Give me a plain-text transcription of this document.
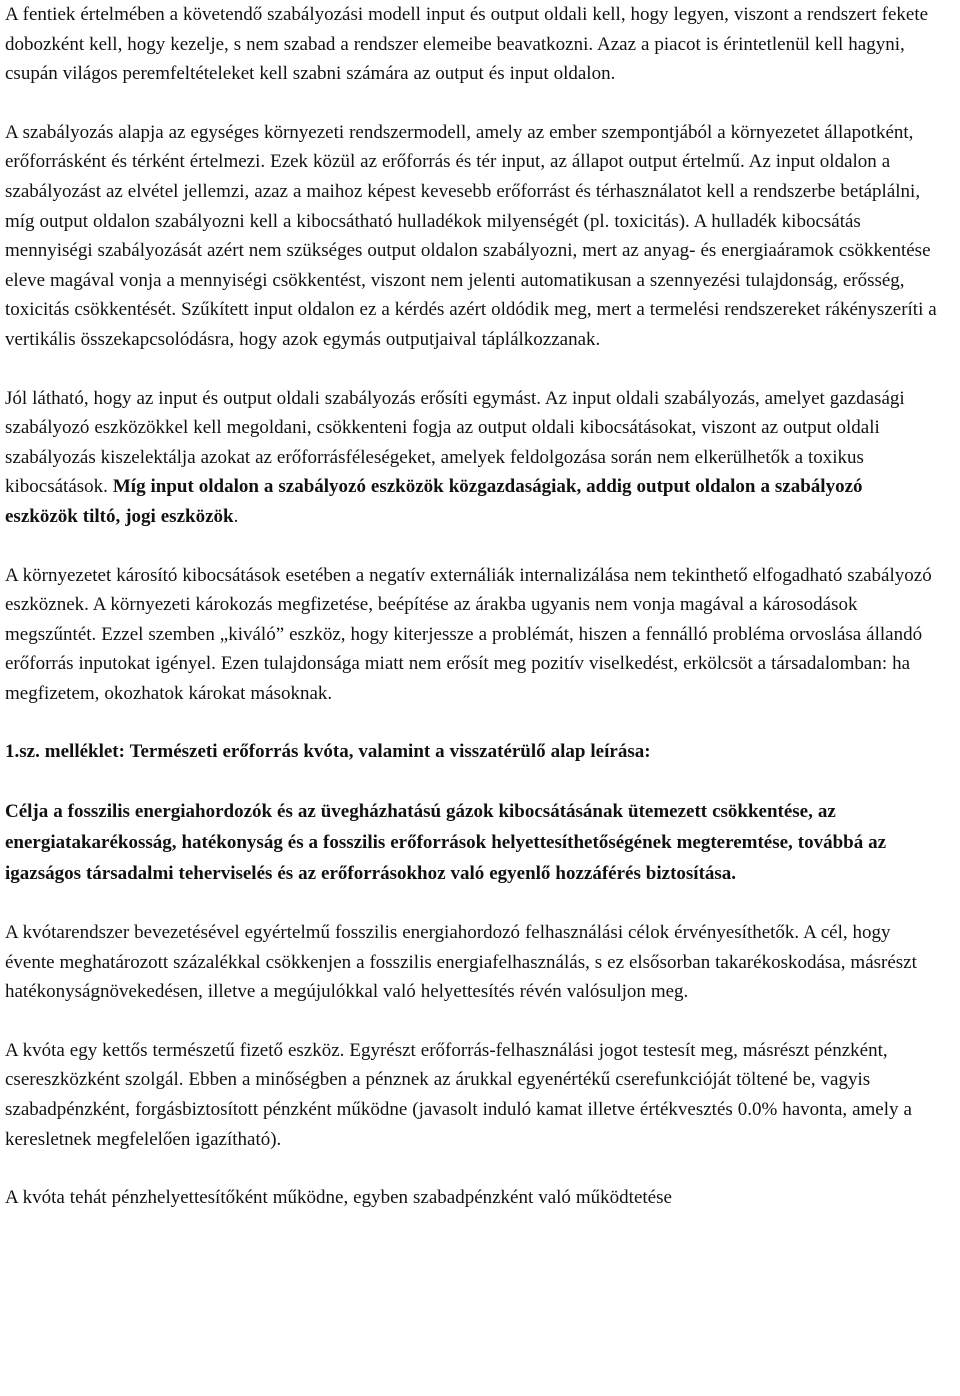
A fentiek értelmében a követendő szabályozási modell input és output oldali kell, hogy legyen, viszont a rendszert fekete dobozként kell, hogy kezelje, s nem szabad a rendszer elemeibe beavatkozni. Azaz a piacot is érintetlenül kell hagyni, csupán világos peremfeltételeket kell szabni számára az output és input oldalon.

A szabályozás alapja az egységes környezeti rendszermodell, amely az ember szempontjából a környezetet állapotként, erőforrásként és térként értelmezi. Ezek közül az erőforrás és tér input, az állapot output értelmű. Az input oldalon a szabályozást az elvétel jellemzi, azaz a maihoz képest kevesebb erőforrást és térhasználatot kell a rendszerbe betáplálni, míg output oldalon szabályozni kell a kibocsátható hulladékok milyenségét (pl. toxicitás). A hulladék kibocsátás mennyiségi szabályozását azért nem szükséges output oldalon szabályozni, mert az anyag- és energiaáramok csökkentése eleve magával vonja a mennyiségi csökkentést, viszont nem jelenti automatikusan a szennyezési tulajdonság, erősség, toxicitás csökkentését. Szűkített input oldalon ez a kérdés azért oldódik meg, mert a termelési rendszereket rákényszeríti a vertikális összekapcsolódásra, hogy azok egymás outputjaival táplálkozzanak.

Jól látható, hogy az input és output oldali szabályozás erősíti egymást. Az input oldali szabályozás, amelyet gazdasági szabályozó eszközökkel kell megoldani, csökkenteni fogja az output oldali kibocsátásokat, viszont az output oldali szabályozás kiszelektálja azokat az erőforrásféleségeket, amelyek feldolgozása során nem elkerülhetők a toxikus kibocsátások. Míg input oldalon a szabályozó eszközök közgazdaságiak, addig output oldalon a szabályozó eszközök tiltó, jogi eszközök.

A környezetet károsító kibocsátások esetében a negatív externáliák internalizálása nem tekinthető elfogadható szabályozó eszköznek. A környezeti károkozás megfizetése, beépítése az árakba ugyanis nem vonja magával a károsodások megszűntét. Ezzel szemben „kiváló” eszköz, hogy kiterjessze a problémát, hiszen a fennálló probléma orvoslása állandó erőforrás inputokat igényel. Ezen tulajdonsága miatt nem erősít meg pozitív viselkedést, erkölcsöt a társadalomban: ha megfizetem, okozhatok károkat másoknak.

1.sz. melléklet: Természeti erőforrás kvóta, valamint a visszatérülő alap leírása:

Célja a fosszilis energiahordozók és az üvegházhatású gázok kibocsátásának ütemezett csökkentése, az energiatakarékosság, hatékonyság és a fosszilis erőforrások helyettesíthetőségének megteremtése, továbbá az igazságos társadalmi teherviselés és az erőforrásokhoz való egyenlő hozzáférés biztosítása.

A kvótarendszer bevezetésével egyértelmű fosszilis energiahordozó felhasználási célok érvényesíthetők. A cél, hogy évente meghatározott százalékkal csökkenjen a fosszilis energiafelhasználás, s ez elsősorban takarékoskodása, másrészt hatékonyságnövekedésen, illetve a megújulókkal való helyettesítés révén valósuljon meg.

A kvóta egy kettős természetű fizető eszköz. Egyrészt erőforrás-felhasználási jogot testesít meg, másrészt pénzként, csereszközként szolgál. Ebben a minőségben a pénznek az árukkal egyenértékű cserefunkcióját töltené be, vagyis szabadpénzként, forgásbiztosított pénzként működne (javasolt induló kamat illetve értékvesztés 0.0% havonta, amely a keresletnek megfelelően igazítható).

A kvóta tehát pénzhelyettesítőként működne, egyben szabadpénzként való működtetése
